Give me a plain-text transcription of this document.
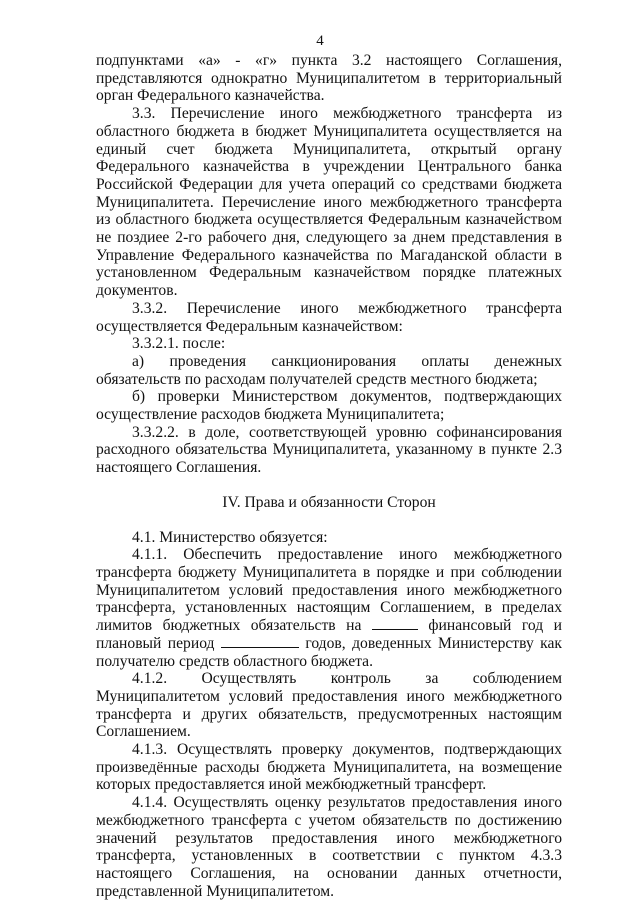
4

подпунктами «а» - «г» пункта 3.2 настоящего Соглашения, представляются однократно Муниципалитетом в территориальный орган Федерального казначейства.

3.3. Перечисление иного межбюджетного трансферта из областного бюджета в бюджет Муниципалитета осуществляется на единый счет бюджета Муниципалитета, открытый органу Федерального казначейства в учреждении Центрального банка Российской Федерации для учета операций со средствами бюджета Муниципалитета. Перечисление иного межбюджетного трансферта из областного бюджета осуществляется Федеральным казначейством не поздиее 2-го рабочего дня, следующего за днем представления в Управление Федерального казначейства по Магаданской области в установленном Федеральным казначейством порядке платежных документов.

3.3.2. Перечисление иного межбюджетного трансферта осуществляется Федеральным казначейством:

3.3.2.1. после:

а) проведения санкционирования оплаты денежных обязательств по расходам получателей средств местного бюджета;

б) проверки Министерством документов, подтверждающих осуществление расходов бюджета Муниципалитета;

3.3.2.2. в доле, соответствующей уровню софинансирования расходного обязательства Муниципалитета, указанному в пункте 2.3 настоящего Соглашения.

IV. Права и обязанности Сторон

4.1. Министерство обязуется:

4.1.1. Обеспечить предоставление иного межбюджетного трансферта бюджету Муниципалитета в порядке и при соблюдении Муниципалитетом условий предоставления иного межбюджетного трансферта, установленных настоящим Соглашением, в пределах лимитов бюджетных обязательств на	финансовый год и плановый период	годов, доведенных Министерству как получателю средств областного бюджета.

4.1.2. Осуществлять контроль за соблюдением Муниципалитетом условий предоставления иного межбюджетного трансферта и других обязательств, предусмотренных настоящим Соглашением.

4.1.3. Осуществлять проверку документов, подтверждающих произведённые расходы бюджета Муниципалитета, на возмещение которых предоставляется иной межбюджетный трансферт.

4.1.4. Осуществлять оценку результатов предоставления иного межбюджетного трансферта с учетом обязательств по достижению значений результатов предоставления иного межбюджетного трансферта, установленных в соответствии с пунктом 4.3.3 настоящего Соглашения, на основании данных отчетности, представленной Муниципалитетом.
